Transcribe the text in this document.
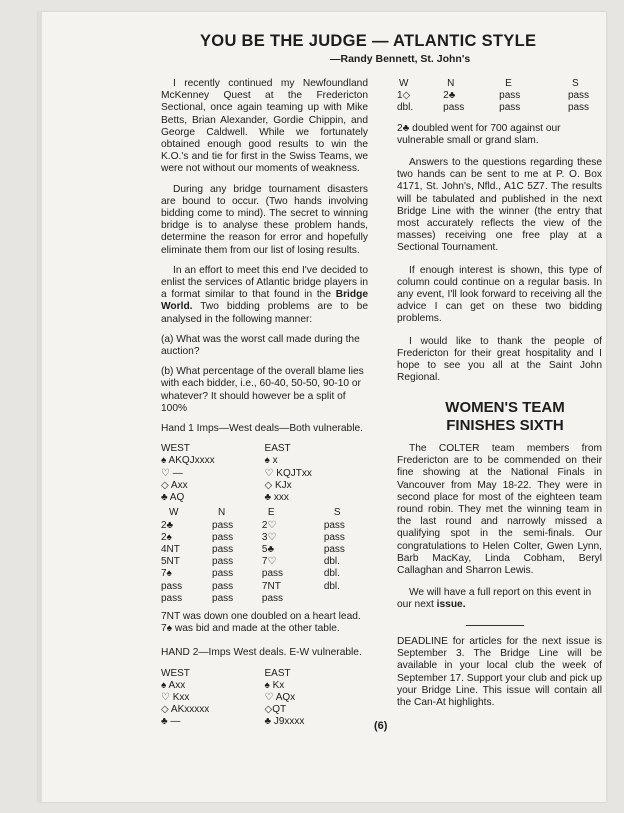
YOU BE THE JUDGE — ATLANTIC STYLE
—Randy Bennett, St. John's

I recently continued my Newfoundland McKenney Quest at the Fredericton Sectional, once again teaming up with Mike Betts, Brian Alexander, Gordie Chippin, and George Caldwell. While we fortunately obtained enough good results to win the K.O.'s and tie for first in the Swiss Teams, we were not without our moments of weakness.

During any bridge tournament disasters are bound to occur. (Two hands involving bidding come to mind). The secret to winning bridge is to analyse these problem hands, determine the reason for error and hopefully eliminate them from our list of losing results.

In an effort to meet this end I've decided to enlist the services of Atlantic bridge players in a format similar to that found in the Bridge World. Two bidding problems are to be analysed in the following manner:

(a) What was the worst call made during the auction?

(b) What percentage of the overall blame lies with each bidder, i.e., 60-40, 50-50, 90-10 or whatever? It should however be a split of 100%

Hand 1 Imps—West deals—Both vulnerable.

WEST	EAST
♠ AKQJxxxx	♠ x
♡ —	♡ KQJTxx
◇ Axx	◇ KJx
♣ AQ	♣ xxx
W	N	E	S
2♣	pass	2♡	pass
2♠	pass	3♡	pass
4NT	pass	5♣	pass
5NT	pass	7♡	dbl.
7♠	pass	pass	dbl.
pass	pass	7NT	dbl.
pass	pass	pass	

7NT was down one doubled on a heart lead. 7♠ was bid and made at the other table.

HAND 2—Imps West deals. E-W vulnerable.

WEST	EAST
♠ Axx	♠ Kx
♡ Kxx	♡ AQx
◇ AKxxxxx	◇QT
♣ —	♣ J9xxxx
W	N	E	S
1◇	2♣	pass	pass
dbl.	pass	pass	pass

2♣ doubled went for 700 against our vulnerable small or grand slam.

Answers to the questions regarding these two hands can be sent to me at P. O. Box 4171, St. John's, Nfld., A1C 5Z7. The results will be tabulated and published in the next Bridge Line with the winner (the entry that most accurately reflects the view of the masses) receiving one free play at a Sectional Tournament.

If enough interest is shown, this type of column could continue on a regular basis. In any event, I'll look forward to receiving all the advice I can get on these two bidding problems.

I would like to thank the people of Fredericton for their great hospitality and I hope to see you all at the Saint John Regional.

WOMEN'S TEAM
FINISHES SIXTH

The COLTER team members from Fredericton are to be commended on their fine showing at the National Finals in Vancouver from May 18-22. They were in second place for most of the eighteen team round robin. They met the winning team in the last round and narrowly missed a qualifying spot in the semi-finals. Our congratulations to Helen Colter, Gwen Lynn, Barb MacKay, Linda Cobham, Beryl Callaghan and Sharron Lewis.

We will have a full report on this event in our next issue.

DEADLINE for articles for the next issue is September 3. The Bridge Line will be available in your local club the week of September 17. Support your club and pick up your Bridge Line. This issue will contain all the Can-At highlights.

(6)
